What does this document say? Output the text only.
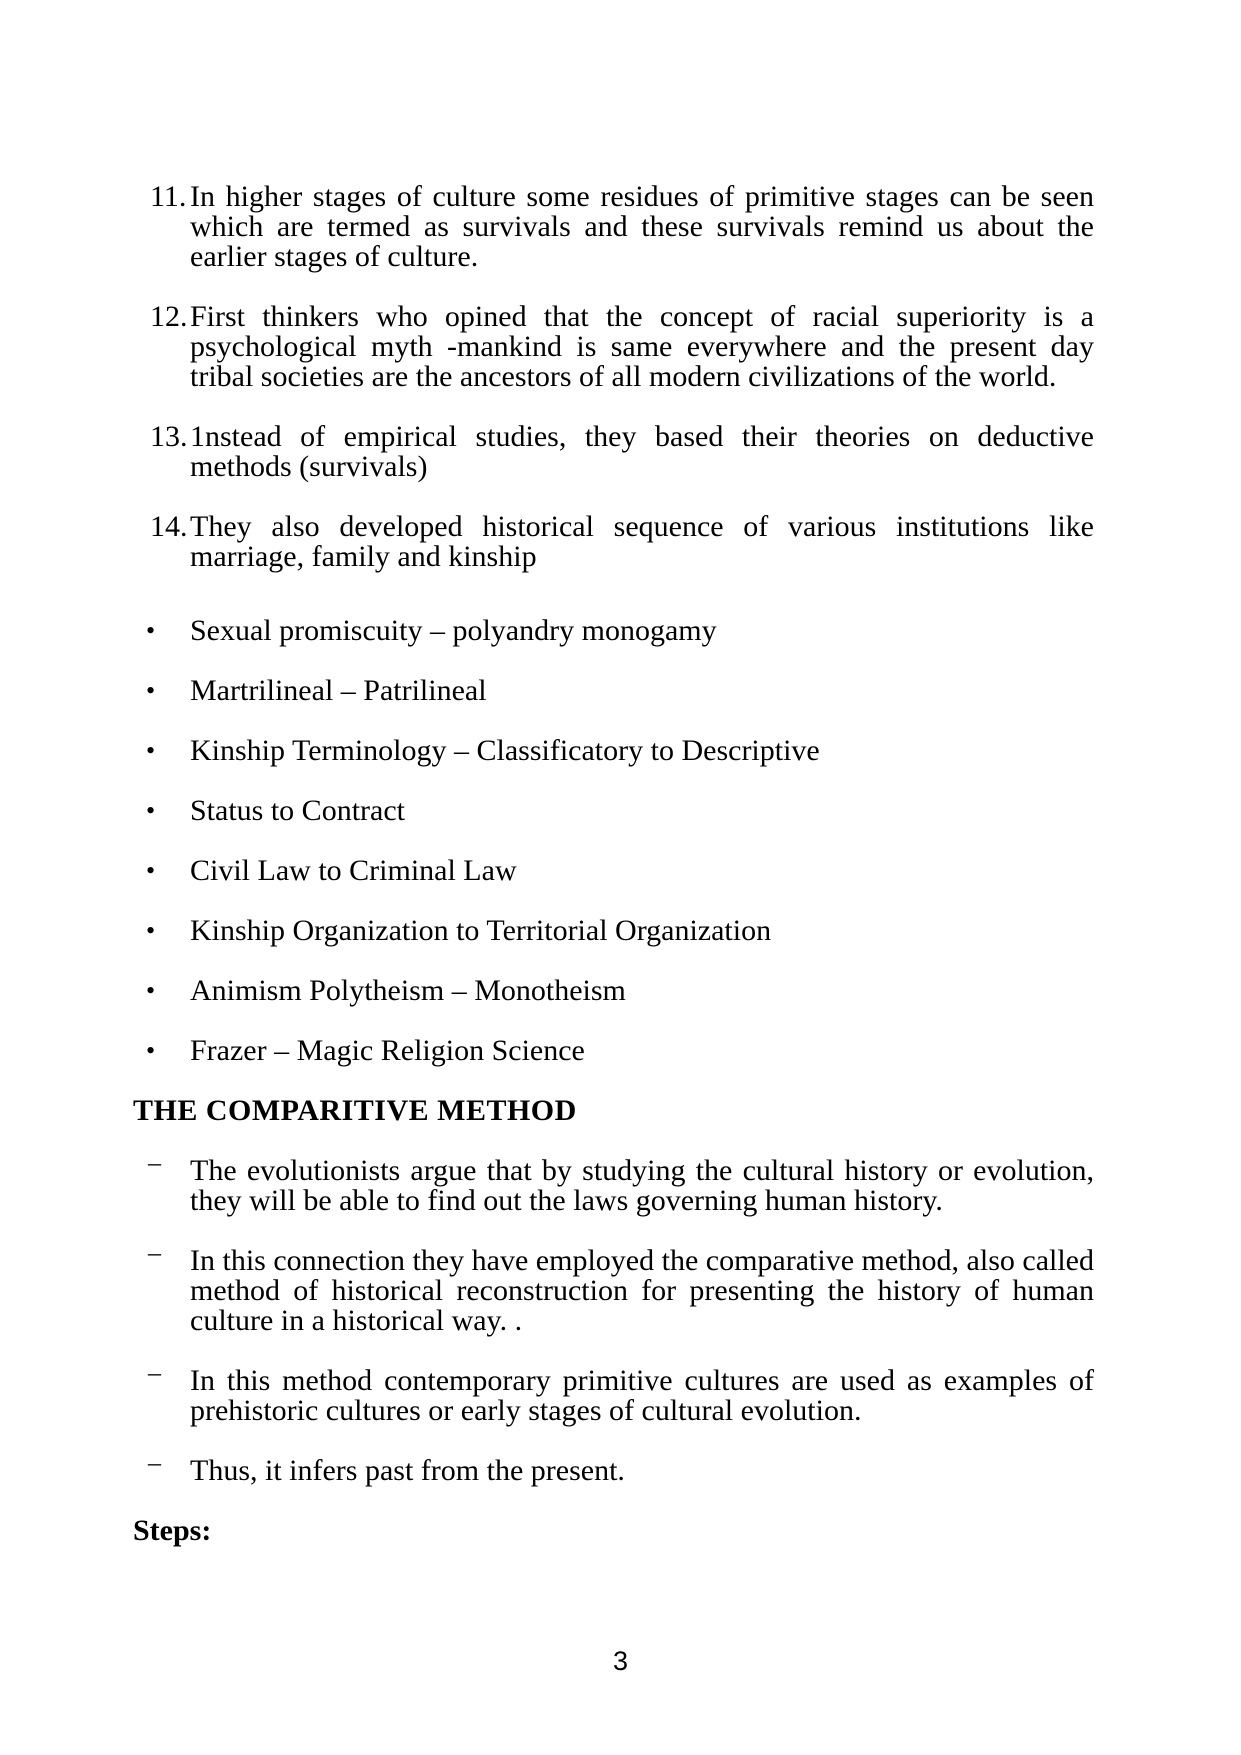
11. In higher stages of culture some residues of primitive stages can be seen which are termed as survivals and these survivals remind us about the earlier stages of culture.
12. First thinkers who opined that the concept of racial superiority is a psychological myth -mankind is same everywhere and the present day tribal societies are the ancestors of all modern civilizations of the world.
13. 1nstead of empirical studies, they based their theories on deductive methods (survivals)
14. They also developed historical sequence of various institutions like marriage, family and kinship
• Sexual promiscuity – polyandry monogamy
• Martrilineal – Patrilineal
• Kinship Terminology – Classificatory to Descriptive
• Status to Contract
• Civil Law to Criminal Law
• Kinship Organization to Territorial Organization
• Animism Polytheism – Monotheism
• Frazer – Magic Religion Science
THE COMPARITIVE METHOD
– The evolutionists argue that by studying the cultural history or evolution, they will be able to find out the laws governing human history.
– In this connection they have employed the comparative method, also called method of historical reconstruction for presenting the history of human culture in a historical way. .
– In this method contemporary primitive cultures are used as examples of prehistoric cultures or early stages of cultural evolution.
– Thus, it infers past from the present.

Steps:

3
